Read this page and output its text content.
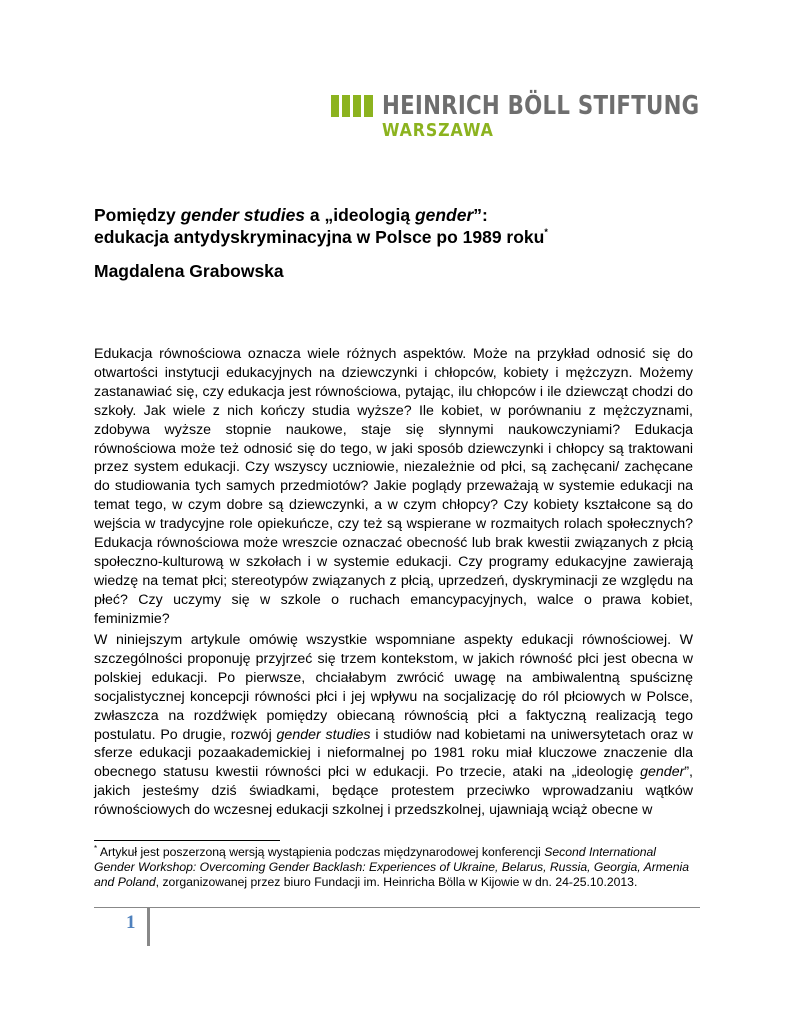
HEINRICH BÖLL STIFTUNG
WARSZAWA
Pomiędzy gender studies a „ideologią gender”:
edukacja antydyskryminacyjna w Polsce po 1989 roku*
Magdalena Grabowska

Edukacja równościowa oznacza wiele różnych aspektów. Może na przykład odnosić się do otwartości instytucji edukacyjnych na dziewczynki i chłopców, kobiety i mężczyzn. Możemy zastanawiać się, czy edukacja jest równościowa, pytając, ilu chłopców i ile dziewcząt chodzi do szkoły. Jak wiele z nich kończy studia wyższe? Ile kobiet, w porównaniu z mężczyznami, zdobywa wyższe stopnie naukowe, staje się słynnymi naukowczyniami? Edukacja równościowa może też odnosić się do tego, w jaki sposób dziewczynki i chłopcy są traktowani przez system edukacji. Czy wszyscy uczniowie, niezależnie od płci, są zachęcani/ zachęcane do studiowania tych samych przedmiotów? Jakie poglądy przeważają w systemie edukacji na temat tego, w czym dobre są dziewczynki, a w czym chłopcy? Czy kobiety kształcone są do wejścia w tradycyjne role opiekuńcze, czy też są wspierane w rozmaitych rolach społecznych? Edukacja równościowa może wreszcie oznaczać obecność lub brak kwestii związanych z płcią społeczno-kulturową w szkołach i w systemie edukacji. Czy programy edukacyjne zawierają wiedzę na temat płci; stereotypów związanych z płcią, uprzedzeń, dyskryminacji ze względu na płeć? Czy uczymy się w szkole o ruchach emancypacyjnych, walce o prawa kobiet, feminizmie?

W niniejszym artykule omówię wszystkie wspomniane aspekty edukacji równościowej. W szczególności proponuję przyjrzeć się trzem kontekstom, w jakich równość płci jest obecna w polskiej edukacji. Po pierwsze, chciałabym zwrócić uwagę na ambiwalentną spuściznę socjalistycznej koncepcji równości płci i jej wpływu na socjalizację do ról płciowych w Polsce, zwłaszcza na rozdźwięk pomiędzy obiecaną równością płci a faktyczną realizacją tego postulatu. Po drugie, rozwój gender studies i studiów nad kobietami na uniwersytetach oraz w sferze edukacji pozaakademickiej i nieformalnej po 1981 roku miał kluczowe znaczenie dla obecnego statusu kwestii równości płci w edukacji. Po trzecie, ataki na „ideologię gender”, jakich jesteśmy dziś świadkami, będące protestem przeciwko wprowadzaniu wątków równościowych do wczesnej edukacji szkolnej i przedszkolnej, ujawniają wciąż obecne w

* Artykuł jest poszerzoną wersją wystąpienia podczas międzynarodowej konferencji Second International Gender Workshop: Overcoming Gender Backlash: Experiences of Ukraine, Belarus, Russia, Georgia, Armenia and Poland, zorganizowanej przez biuro Fundacji im. Heinricha Bölla w Kijowie w dn. 24-25.10.2013.
1
